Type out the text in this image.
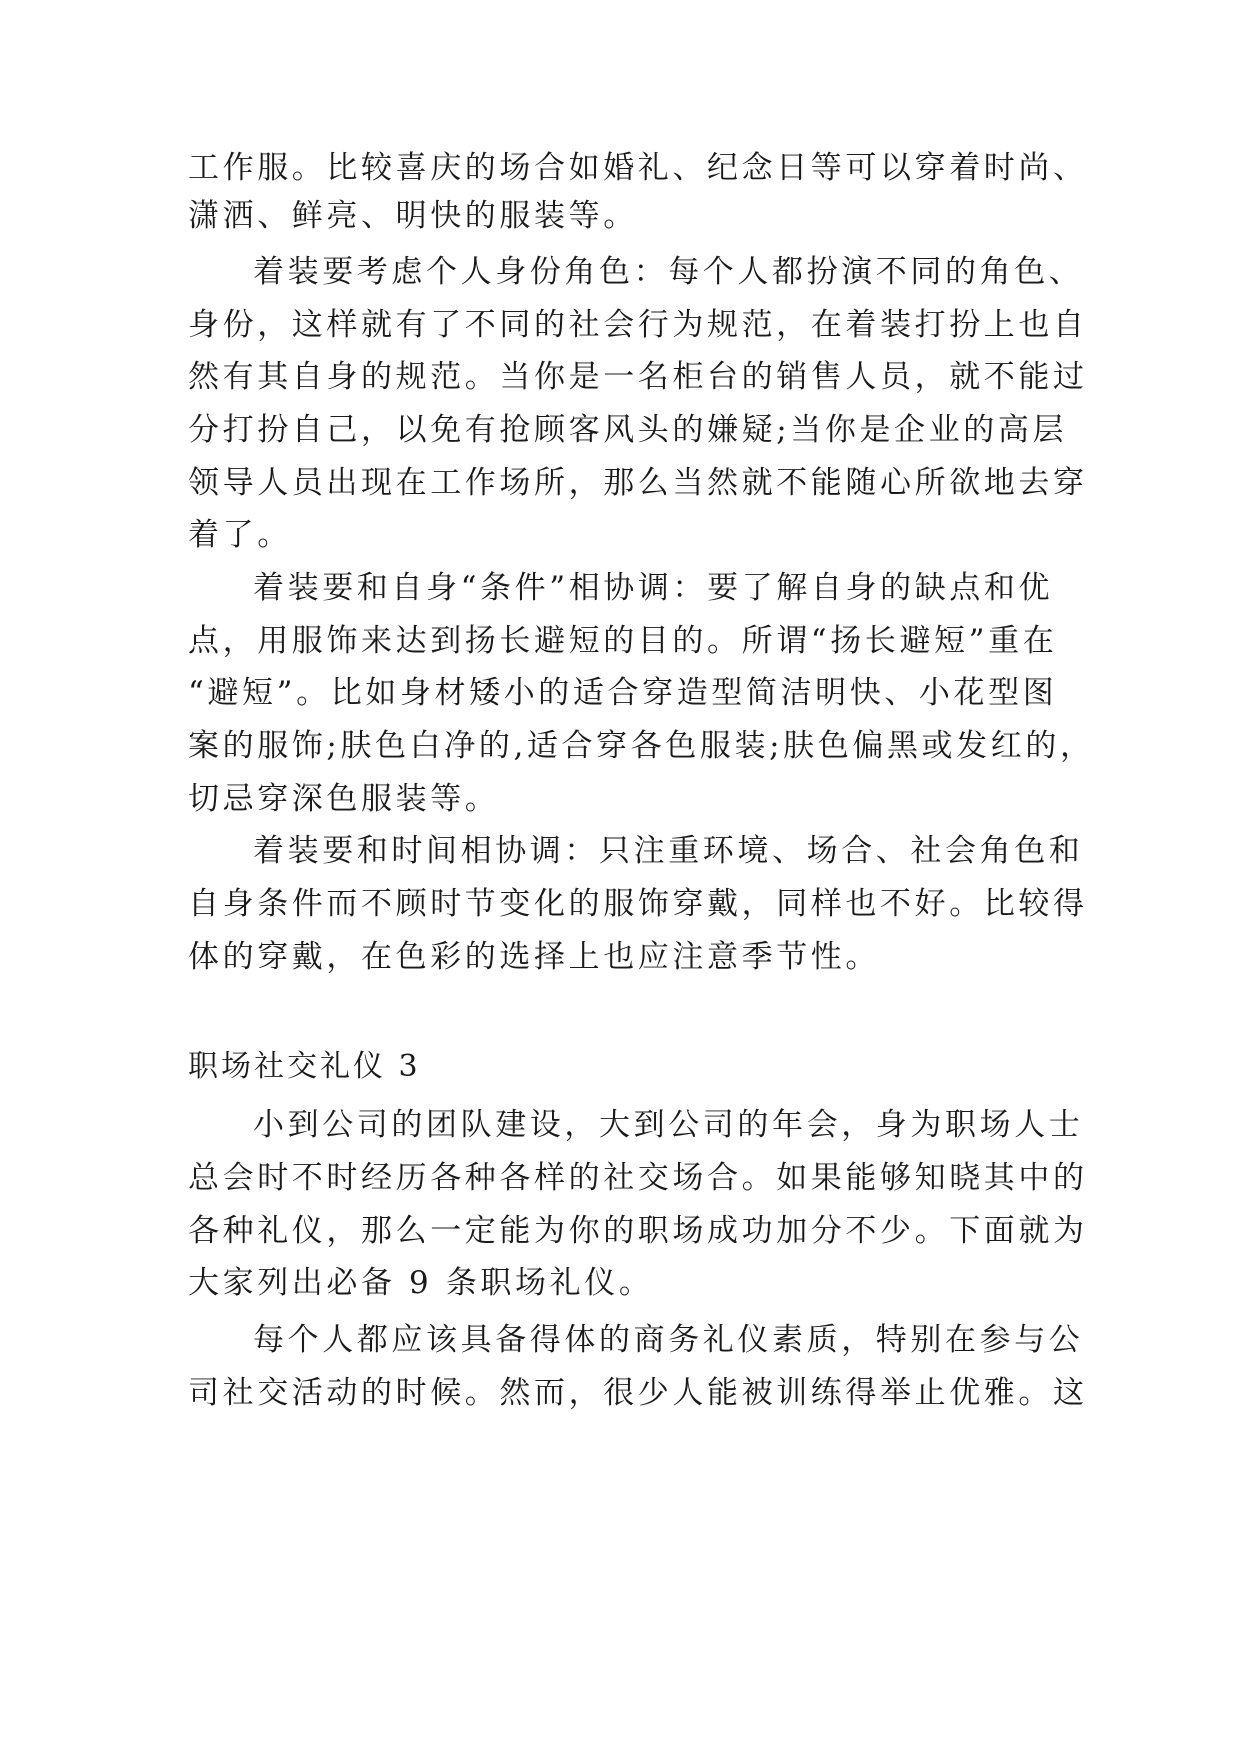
工作服。比较喜庆的场合如婚礼、纪念日等可以穿着时尚、
潇洒、鲜亮、明快的服装等。
着装要考虑个人身份角色：每个人都扮演不同的角色、
身份，这样就有了不同的社会行为规范，在着装打扮上也自
然有其自身的规范。当你是一名柜台的销售人员，就不能过
分打扮自己，以免有抢顾客风头的嫌疑;当你是企业的高层
领导人员出现在工作场所，那么当然就不能随心所欲地去穿
着了。
着装要和自身“条件”相协调：要了解自身的缺点和优
点，用服饰来达到扬长避短的目的。所谓“扬长避短”重在
“避短”。比如身材矮小的适合穿造型简洁明快、小花型图
案的服饰;肤色白净的,适合穿各色服装;肤色偏黑或发红的，
切忌穿深色服装等。
着装要和时间相协调：只注重环境、场合、社会角色和
自身条件而不顾时节变化的服饰穿戴，同样也不好。比较得
体的穿戴，在色彩的选择上也应注意季节性。
职场社交礼仪 3
小到公司的团队建设，大到公司的年会，身为职场人士
总会时不时经历各种各样的社交场合。如果能够知晓其中的
各种礼仪，那么一定能为你的职场成功加分不少。下面就为
大家列出必备 9 条职场礼仪。
每个人都应该具备得体的商务礼仪素质，特别在参与公
司社交活动的时候。然而，很少人能被训练得举止优雅。这
